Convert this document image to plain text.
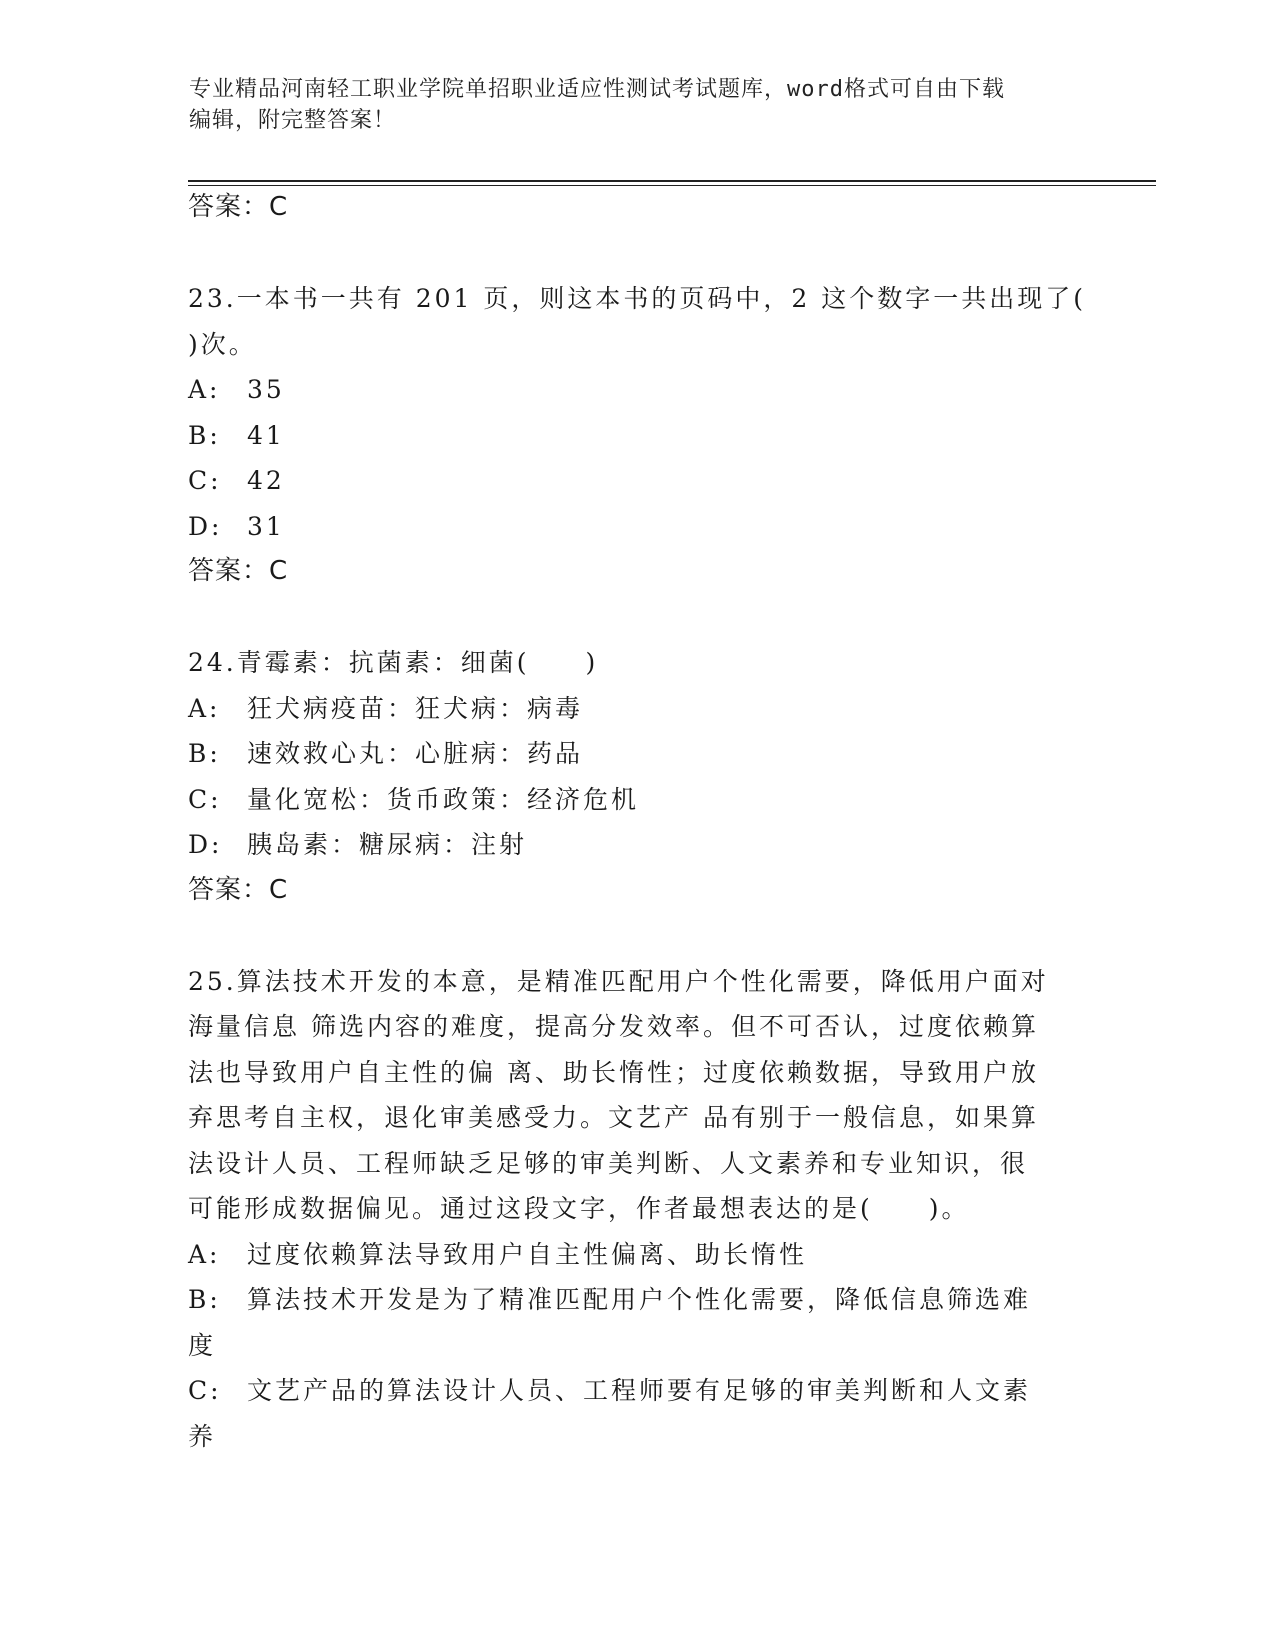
专业精品河南轻工职业学院单招职业适应性测试考试题库，word格式可自由下载
编辑，附完整答案！
答案：C
23.一本书一共有 201 页，则这本书的页码中，2 这个数字一共出现了(
)次。
A:	35
B:	41
C:	42
D: 31
答案：C
24.青霉素：抗菌素：细菌(　　)
A:	狂犬病疫苗：狂犬病：病毒
B:	速效救心丸：心脏病：药品
C:	量化宽松：货币政策：经济危机
D: 胰岛素：糖尿病：注射
答案：C
25.算法技术开发的本意，是精准匹配用户个性化需要，降低用户面对
海量信息 筛选内容的难度，提高分发效率。但不可否认，过度依赖算
法也导致用户自主性的偏 离、助长惰性；过度依赖数据，导致用户放
弃思考自主权，退化审美感受力。文艺产 品有别于一般信息，如果算
法设计人员、工程师缺乏足够的审美判断、人文素养和专业知识，很
可能形成数据偏见。通过这段文字，作者最想表达的是(　　)。
A:	过度依赖算法导致用户自主性偏离、助长惰性
B:	算法技术开发是为了精准匹配用户个性化需要，降低信息筛选难
度
C:	文艺产品的算法设计人员、工程师要有足够的审美判断和人文素
养
